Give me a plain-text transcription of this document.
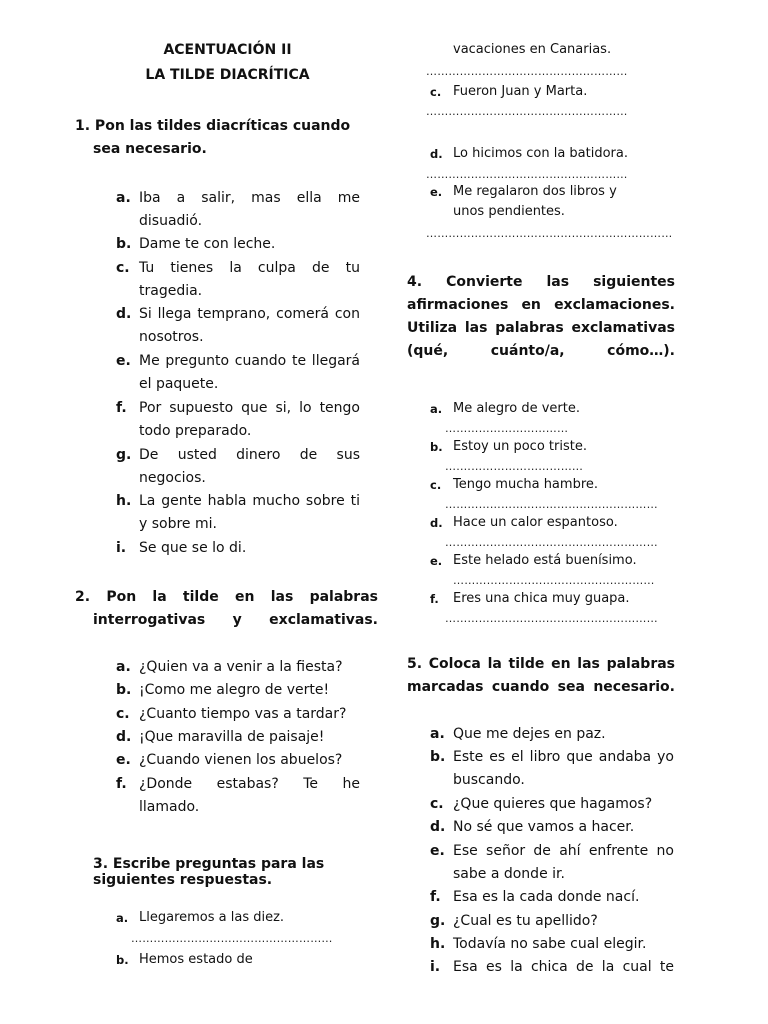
ACENTUACIÓN II
LA TILDE DIACRÍTICA
1. Pon las tildes diacríticas cuando sea necesario.
a. Iba a salir, mas ella me disuadió.
b. Dame te con leche.
c. Tu tienes la culpa de tu tragedia.
d. Si llega temprano, comerá con nosotros.
e. Me pregunto cuando te llegará el paquete.
f. Por supuesto que si, lo tengo todo preparado.
g. De usted dinero de sus negocios.
h. La gente habla mucho sobre ti y sobre mi.
i. Se que se lo di.
2. Pon la tilde en las palabras interrogativas y exclamativas.
a. ¿Quien va a venir a la fiesta?
b. ¡Como me alegro de verte!
c. ¿Cuanto tiempo vas a tardar?
d. ¡Que maravilla de paisaje!
e. ¿Cuando vienen los abuelos?
f. ¿Donde estabas? Te he llamado.
3. Escribe preguntas para las siguientes respuestas.
a. Llegaremos a las diez.
………………………………………………
b. Hemos estado de
vacaciones en Canarias.
………………………………………………
c. Fueron Juan y Marta.
………………………………………………
d. Lo hicimos con la batidora.
………………………………………………
e. Me regalaron dos libros y unos pendientes.
…………………………………………………………
4. Convierte las siguientes afirmaciones en exclamaciones. Utiliza las palabras exclamativas (qué, cuánto/a, cómo…).
a. Me alegro de verte.
……………………………
b. Estoy un poco triste.
….……………………………
c. Tengo mucha hambre.
…………………………………………………
d. Hace un calor espantoso.
…………………………………………………
e. Este helado está buenísimo.
………………………………………………
f. Eres una chica muy guapa.
…………………………………………………
5. Coloca la tilde en las palabras marcadas cuando sea necesario.
a. Que me dejes en paz.
b. Este es el libro que andaba yo buscando.
c. ¿Que quieres que hagamos?
d. No sé que vamos a hacer.
e. Ese señor de ahí enfrente no sabe a donde ir.
f. Esa es la cada donde nací.
g. ¿Cual es tu apellido?
h. Todavía no sabe cual elegir.
i. Esa es la chica de la cual te
